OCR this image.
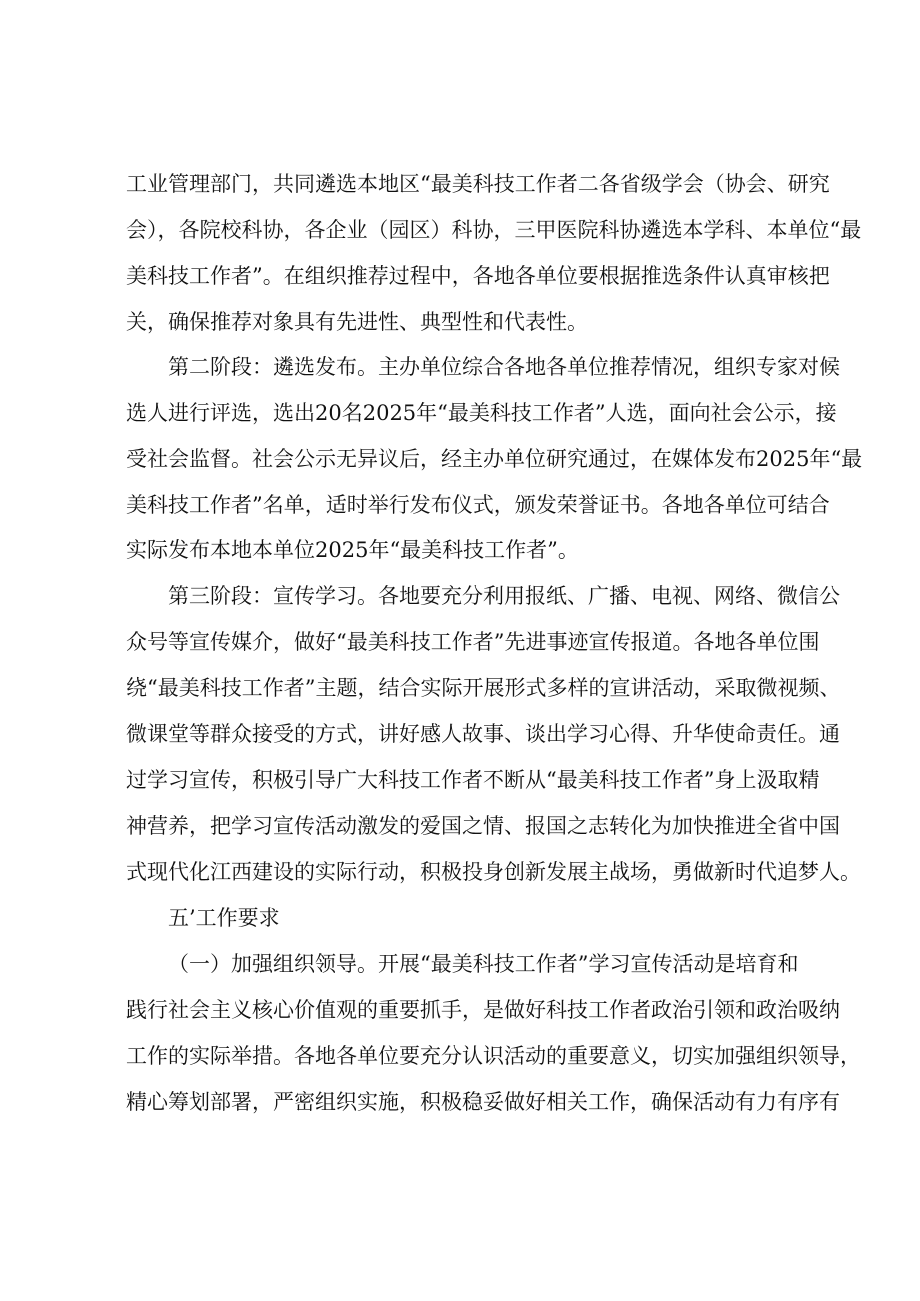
工业管理部门，共同遴选本地区“最美科技工作者二各省级学会（协会、研究
会），各院校科协，各企业（园区）科协，三甲医院科协遴选本学科、本单位“最
美科技工作者”。在组织推荐过程中，各地各单位要根据推选条件认真审核把
关，确保推荐对象具有先进性、典型性和代表性。
第二阶段：遴选发布。主办单位综合各地各单位推荐情况，组织专家对候
选人进行评选，选出20名2025年“最美科技工作者”人选，面向社会公示，接
受社会监督。社会公示无异议后，经主办单位研究通过，在媒体发布2025年“最
美科技工作者”名单，适时举行发布仪式，颁发荣誉证书。各地各单位可结合
实际发布本地本单位2025年“最美科技工作者”。
第三阶段：宣传学习。各地要充分利用报纸、广播、电视、网络、微信公
众号等宣传媒介，做好“最美科技工作者”先进事迹宣传报道。各地各单位围
绕“最美科技工作者”主题，结合实际开展形式多样的宣讲活动，采取微视频、
微课堂等群众接受的方式，讲好感人故事、谈出学习心得、升华使命责任。通
过学习宣传，积极引导广大科技工作者不断从“最美科技工作者”身上汲取精
神营养，把学习宣传活动激发的爱国之情、报国之志转化为加快推进全省中国
式现代化江西建设的实际行动，积极投身创新发展主战场，勇做新时代追梦人。
五’工作要求
（一）加强组织领导。开展“最美科技工作者”学习宣传活动是培育和
践行社会主义核心价值观的重要抓手，是做好科技工作者政治引领和政治吸纳
工作的实际举措。各地各单位要充分认识活动的重要意义，切实加强组织领导，
精心筹划部署，严密组织实施，积极稳妥做好相关工作，确保活动有力有序有
